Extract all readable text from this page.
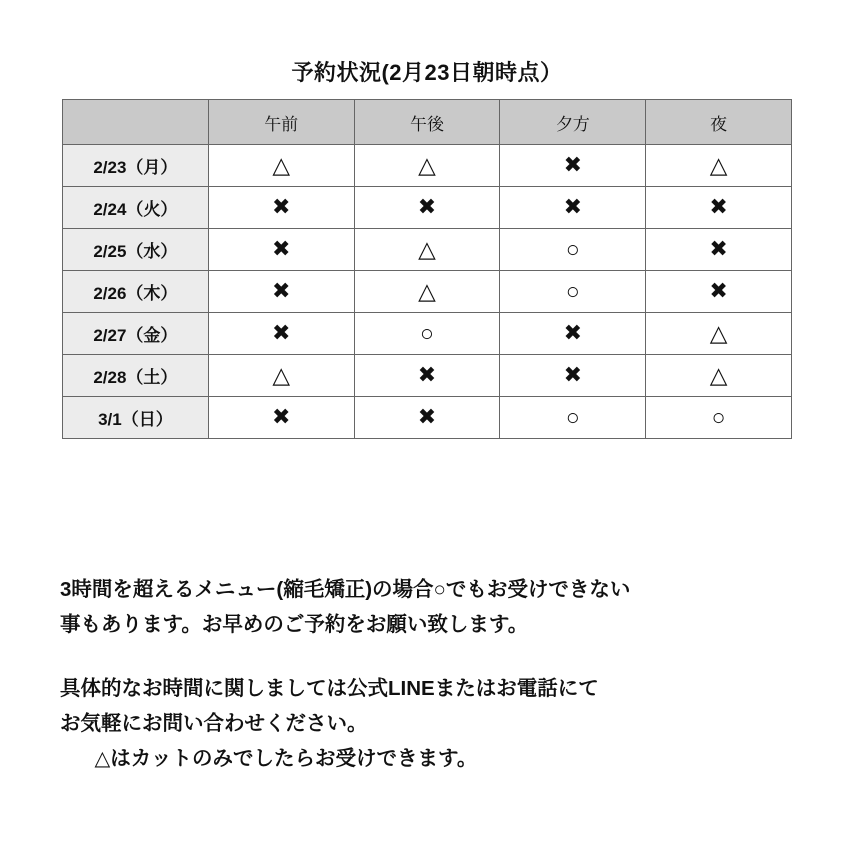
予約状況(2月23日朝時点）
	午前	午後	夕方	夜
2/23（月）	△	△	✖	△
2/24（火）	✖	✖	✖	✖
2/25（水）	✖	△	○	✖
2/26（木）	✖	△	○	✖
2/27（金）	✖	○	✖	△
2/28（土）	△	✖	✖	△
3/1（日）	✖	✖	○	○
3時間を超えるメニュー(縮毛矯正)の場合○でもお受けできない
事もあります。お早めのご予約をお願い致します。
具体的なお時間に関しましては公式LINEまたはお電話にて
お気軽にお問い合わせください。
　△はカットのみでしたらお受けできます。
